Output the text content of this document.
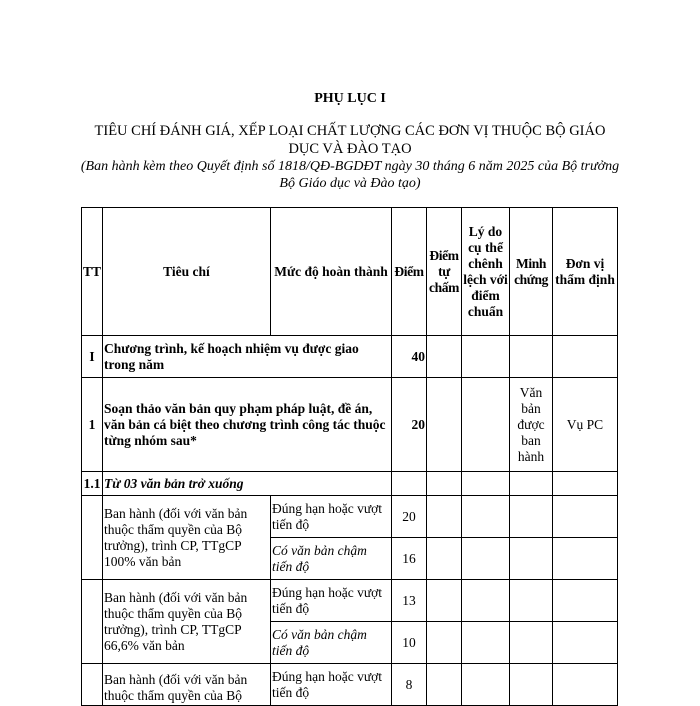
PHỤ LỤC I
TIÊU CHÍ ĐÁNH GIÁ, XẾP LOẠI CHẤT LƯỢNG CÁC ĐƠN VỊ THUỘC BỘ GIÁO DỤC VÀ ĐÀO TẠO
(Ban hành kèm theo Quyết định số 1818/QĐ-BGDĐT ngày 30 tháng 6 năm 2025 của Bộ trưởng Bộ Giáo dục và Đào tạo)
TT	Tiêu chí	Mức độ hoàn thành	Điểm	Điểm tự chấm	Lý do cụ thể chênh lệch với điểm chuẩn	Minh chứng	Đơn vị thẩm định
I	Chương trình, kế hoạch nhiệm vụ được giao trong năm		40				
1	Soạn thảo văn bản quy phạm pháp luật, đề án, văn bản cá biệt theo chương trình công tác thuộc từng nhóm sau*		20			Văn bản được ban hành	Vụ PC
1.1	Từ 03 văn bản trở xuống						
	Ban hành (đối với văn bản thuộc thẩm quyền của Bộ trưởng), trình CP, TTgCP 100% văn bản	Đúng hạn hoặc vượt tiến độ	20				
		Có văn bản chậm tiến độ	16				
	Ban hành (đối với văn bản thuộc thẩm quyền của Bộ trưởng), trình CP, TTgCP 66,6% văn bản	Đúng hạn hoặc vượt tiến độ	13				
		Có văn bản chậm tiến độ	10				
	Ban hành (đối với văn bản thuộc thẩm quyền của Bộ	Đúng hạn hoặc vượt tiến độ	8				
